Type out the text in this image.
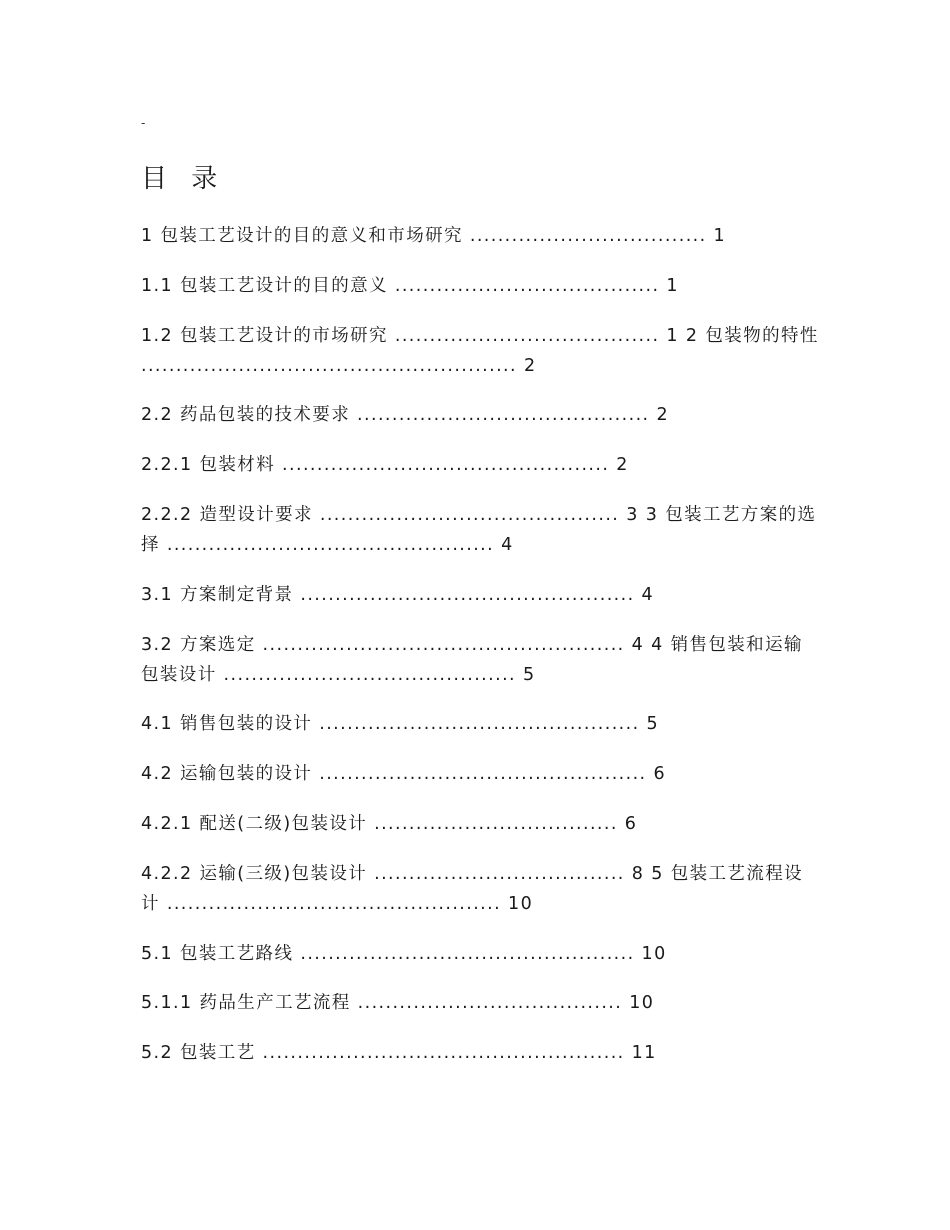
-
目 录
1 包装工艺设计的目的意义和市场研究 .................................. 1
1.1 包装工艺设计的目的意义 ...................................... 1
1.2 包装工艺设计的市场研究 ...................................... 1 2 包装物的特性 ...................................................... 2
2.2 药品包装的技术要求 .......................................... 2
2.2.1 包装材料 ............................................... 2
2.2.2 造型设计要求 ........................................... 3 3 包装工艺方案的选择 ............................................... 4
3.1 方案制定背景 ................................................ 4
3.2 方案选定 .................................................... 4 4 销售包装和运输包装设计 .......................................... 5
4.1 销售包装的设计 .............................................. 5
4.2 运输包装的设计 ............................................... 6
4.2.1 配送(二级)包装设计 ................................... 6
4.2.2 运输(三级)包装设计 .................................... 8 5 包装工艺流程设计 ................................................ 10
5.1 包装工艺路线 ................................................ 10
5.1.1 药品生产工艺流程 ...................................... 10
5.2 包装工艺 .................................................... 11
